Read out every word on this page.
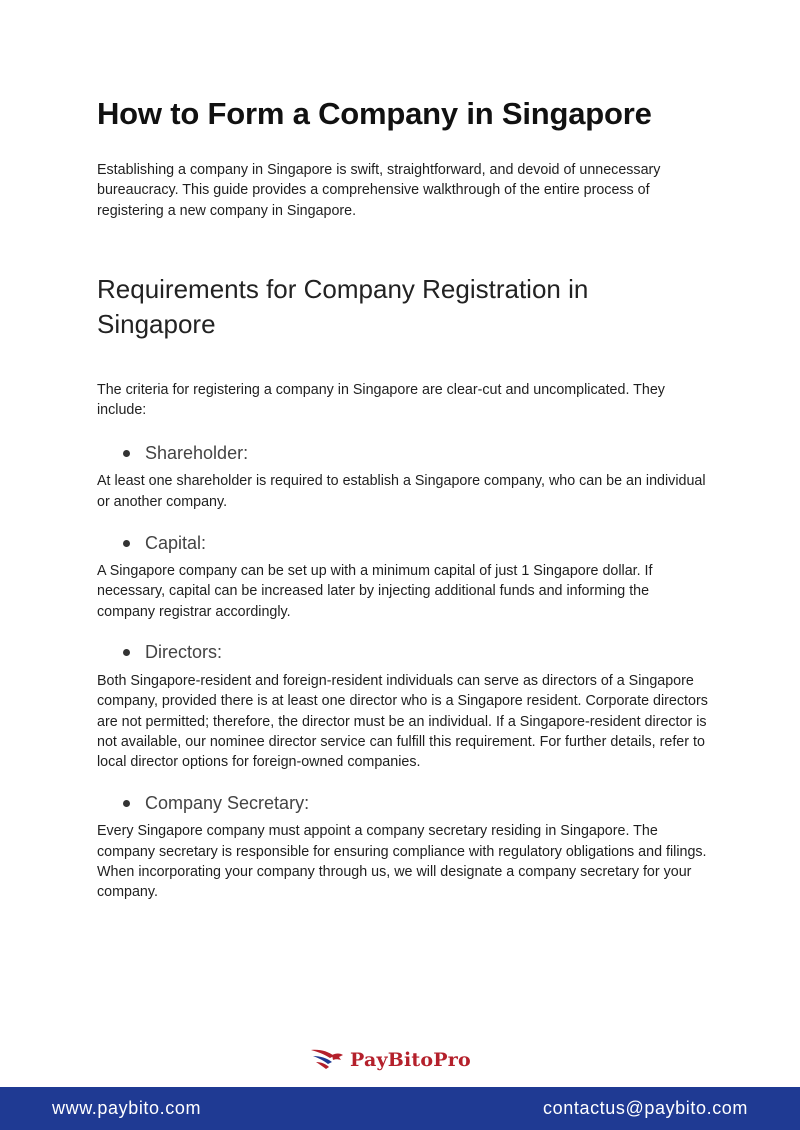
How to Form a Company in Singapore

Establishing a company in Singapore is swift, straightforward, and devoid of unnecessary bureaucracy. This guide provides a comprehensive walkthrough of the entire process of registering a new company in Singapore.

Requirements for Company Registration in Singapore

The criteria for registering a company in Singapore are clear-cut and uncomplicated. They include:

Shareholder:

At least one shareholder is required to establish a Singapore company, who can be an individual or another company.

Capital:

A Singapore company can be set up with a minimum capital of just 1 Singapore dollar. If necessary, capital can be increased later by injecting additional funds and informing the company registrar accordingly.

Directors:

Both Singapore-resident and foreign-resident individuals can serve as directors of a Singapore company, provided there is at least one director who is a Singapore resident. Corporate directors are not permitted; therefore, the director must be an individual. If a Singapore-resident director is not available, our nominee director service can fulfill this requirement. For further details, refer to local director options for foreign-owned companies.

Company Secretary:

Every Singapore company must appoint a company secretary residing in Singapore. The company secretary is responsible for ensuring compliance with regulatory obligations and filings. When incorporating your company through us, we will designate a company secretary for your company.

PayBitoPro
www.paybito.com	contactus@paybito.com
